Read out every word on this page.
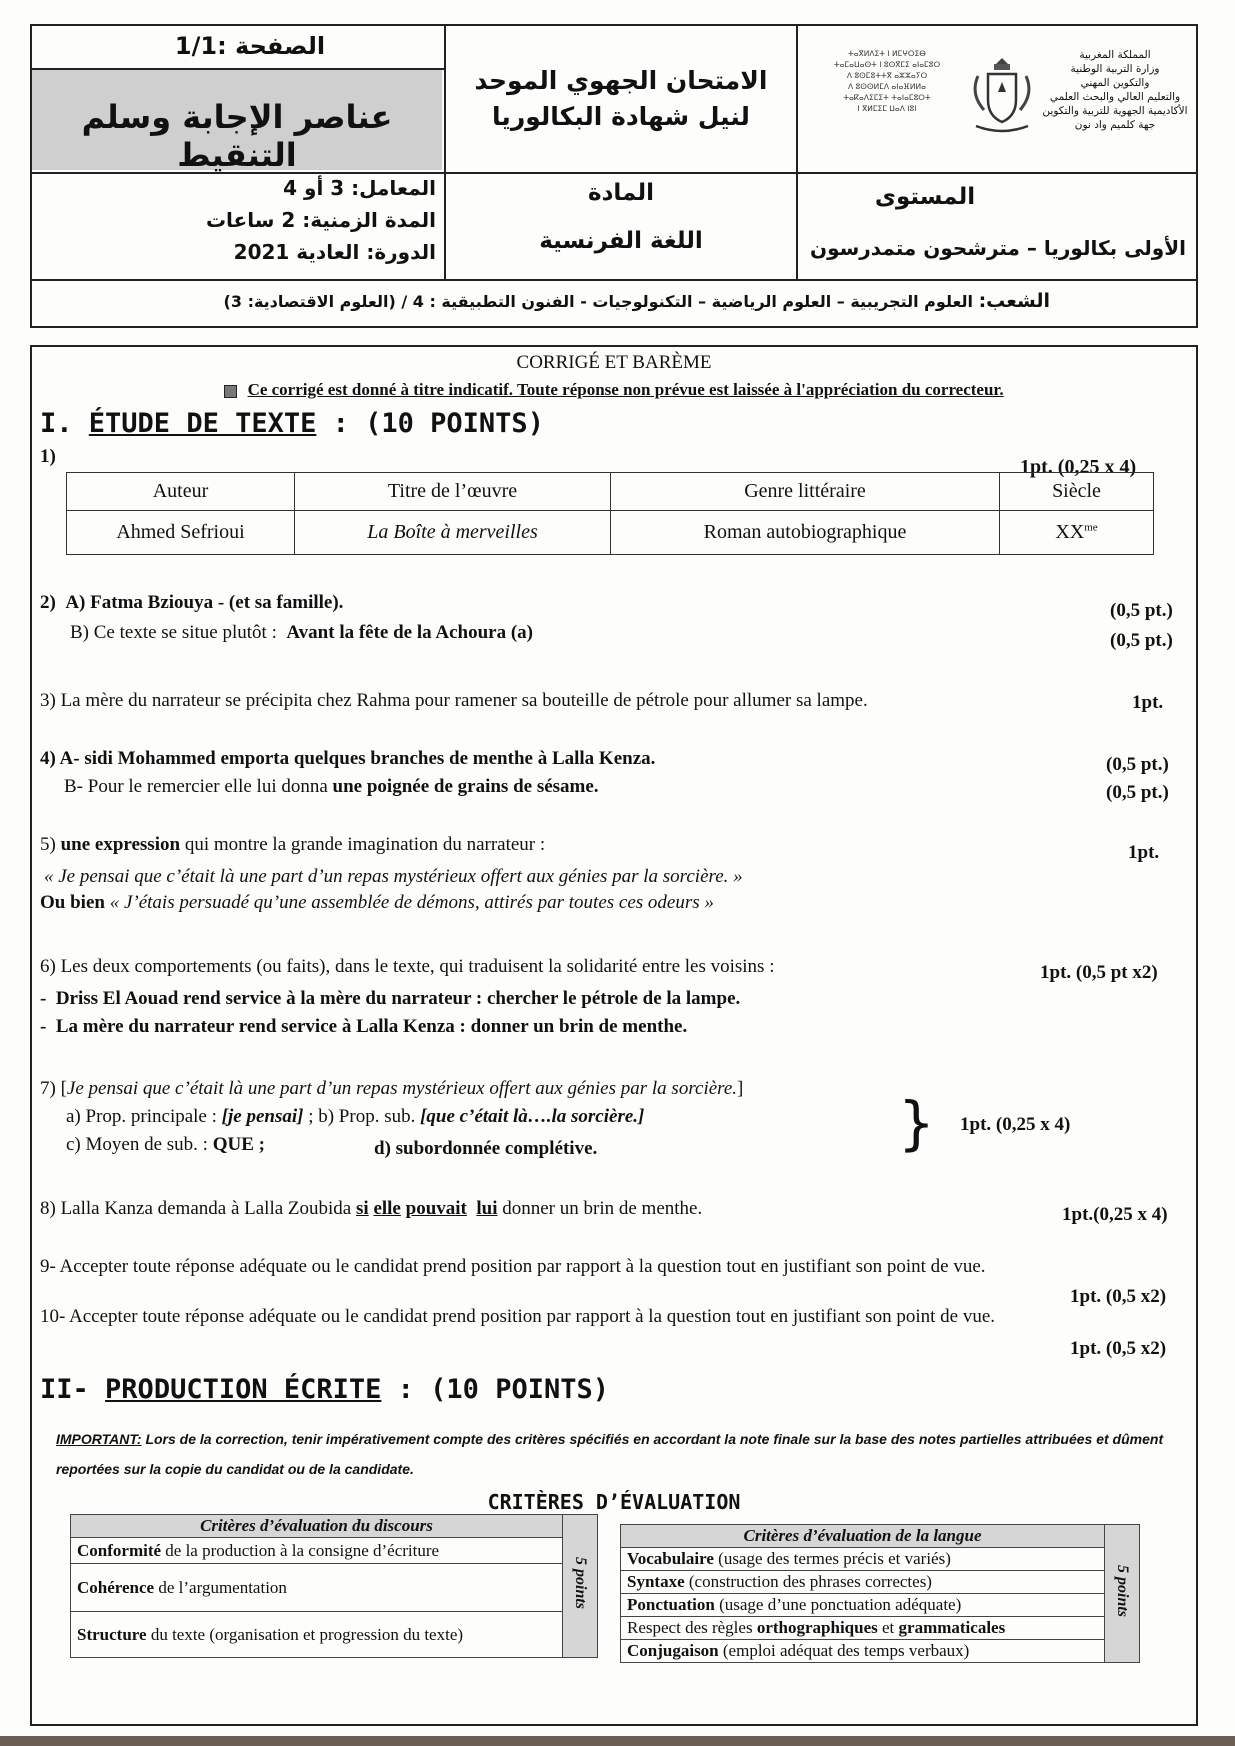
الصفحة :1/1
عناصر الإجابة وسلم التنقيط
الامتحان الجهوي الموحد
لنيل شهادة البكالوريا
ⵜⴰⴳⵍⴷⵉⵜ ⵏ ⵍⵎⵖⵔⵉⴱ
ⵜⴰⵎⴰⵡⴰⵙⵜ ⵏ ⵓⵙⴳⵎⵉ ⴰⵏⴰⵎⵓⵔ
ⴷ ⵓⵙⵎⵓⵜⵜⴳ ⴰⵣⵣⴰⵢⵔ
ⴷ ⵓⵙⵙⵍⵎⴷ ⴰⵏⴰⴼⵍⵍⴰ
ⵜⴰⴽⴰⴷⵉⵎⵉⵜ ⵜⴰⵏⴰⵎⵓⵔⵜ
ⵏ ⴳⵍⵎⵉⵎ ⵡⴰⴷ ⵏⵓⵏ
المملكة المغربية
وزارة التربية الوطنية
والتكوين المهني
والتعليم العالي والبحث العلمي
الأكاديمية الجهوية للتربية والتكوين
جهة كلميم واد نون
المعامل: 3 أو 4
المدة الزمنية: 2 ساعات
الدورة: العادية 2021
المادة
اللغة الفرنسية
المستوى
الأولى بكالوريا – مترشحون متمدرسون
الشعب: العلوم التجريبية – العلوم الرياضية – التكنولوجيات - الفنون التطبيقية : 4 / (العلوم الاقتصادية: 3)
CORRIGÉ ET BARÈME
Ce corrigé est donné à titre indicatif. Toute réponse non prévue est laissée à l'appréciation du correcteur.
I. ÉTUDE DE TEXTE : (10 POINTS)
1)	1pt. (0,25 x 4)
Auteur	Titre de l’œuvre	Genre littéraire	Siècle
Ahmed Sefrioui	La Boîte à merveilles	Roman autobiographique	$XX^{me}$
2) A) Fatma Bziouya - (et sa famille).	(0,5 pt.)
B) Ce texte se situe plutôt : Avant la fête de la Achoura (a)	(0,5 pt.)
3) La mère du narrateur se précipita chez Rahma pour ramener sa bouteille de pétrole pour allumer sa lampe.	1pt.
4) A- sidi Mohammed emporta quelques branches de menthe à Lalla Kenza.	(0,5 pt.)
B- Pour le remercier elle lui donna une poignée de grains de sésame.	(0,5 pt.)
5) une expression qui montre la grande imagination du narrateur :	1pt.
« Je pensai que c’était là une part d’un repas mystérieux offert aux génies par la sorcière. »
Ou bien « J’étais persuadé qu’une assemblée de démons, attirés par toutes ces odeurs »
6) Les deux comportements (ou faits), dans le texte, qui traduisent la solidarité entre les voisins :	1pt. (0,5 pt x2)
-  Driss El Aouad rend service à la mère du narrateur : chercher le pétrole de la lampe.
-  La mère du narrateur rend service à Lalla Kenza : donner un brin de menthe.
7) [Je pensai que c’était là une part d’un repas mystérieux offert aux génies par la sorcière.]
a) Prop. principale : [je pensai] ; b) Prop. sub. [que c’était là….la sorcière.]
c) Moyen de sub. : QUE ;	d) subordonnée complétive.	} 1pt. (0,25 x 4)
8) Lalla Kanza demanda à Lalla Zoubida si elle pouvait lui donner un brin de menthe.	1pt.(0,25 x 4)
9- Accepter toute réponse adéquate ou le candidat prend position par rapport à la question tout en justifiant son point de vue.
1pt. (0,5 x2)
10- Accepter toute réponse adéquate ou le candidat prend position par rapport à la question tout en justifiant son point de vue.
1pt. (0,5 x2)
II- PRODUCTION ÉCRITE : (10 POINTS)
IMPORTANT: Lors de la correction, tenir impérativement compte des critères spécifiés en accordant la note finale sur la base des notes partielles attribuées et dûment reportées sur la copie du candidat ou de la candidate.
CRITÈRES D’ÉVALUATION
Critères d’évaluation du discours	5 points
Conformité de la production à la consigne d’écriture
Cohérence de l’argumentation
Structure du texte (organisation et progression du texte)
Critères d’évaluation de la langue	5 points
Vocabulaire (usage des termes précis et variés)
Syntaxe (construction des phrases correctes)
Ponctuation (usage d’une ponctuation adéquate)
Respect des règles orthographiques et grammaticales
Conjugaison (emploi adéquat des temps verbaux)
